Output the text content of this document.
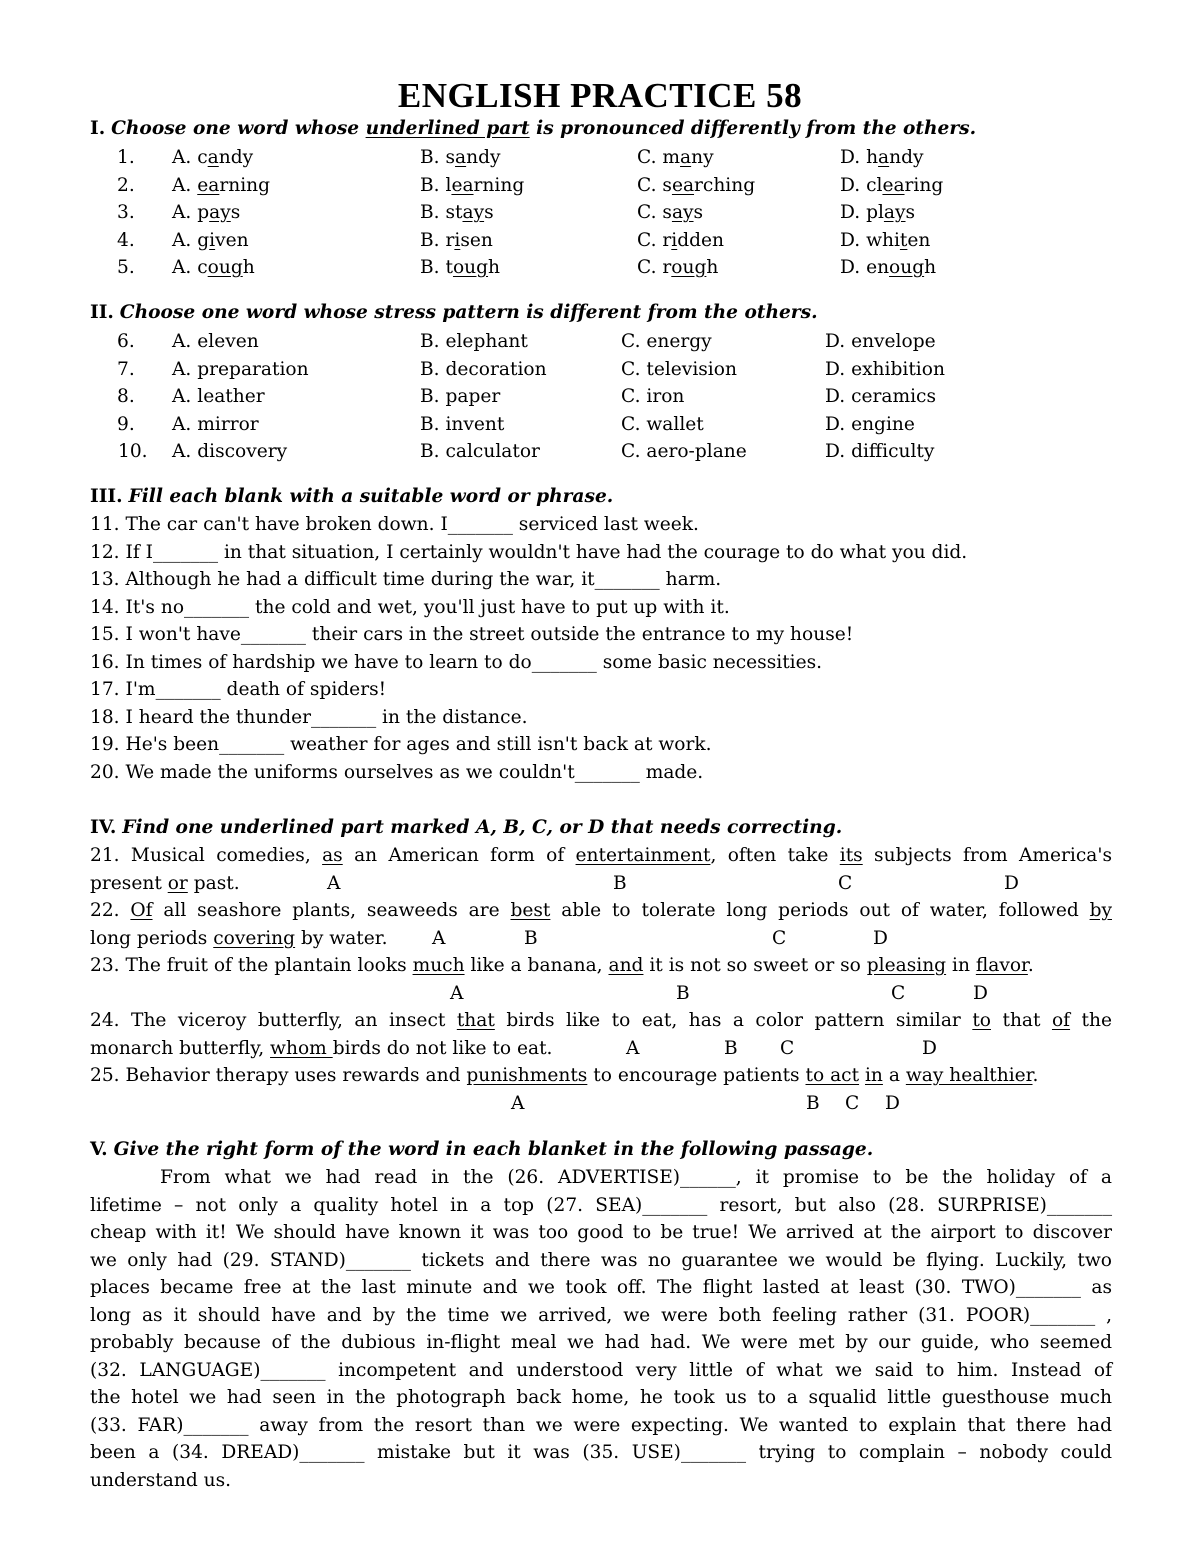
ENGLISH PRACTICE 58
I. Choose one word whose underlined part is pronounced differently from the others.
1. A. candy	B. sandy	C. many	D. handy
2. A. earning	B. learning	C. searching	D. clearing
3. A. pays	B. stays	C. says	D. plays
4. A. given	B. risen	C. ridden	D. whiten
5. A. cough	B. tough	C. rough	D. enough
II. Choose one word whose stress pattern is different from the others.
6. A. eleven	B. elephant	C. energy	D. envelope
7. A. preparation	B. decoration	C. television	D. exhibition
8. A. leather	B. paper	C. iron	D. ceramics
9. A. mirror	B. invent	C. wallet	D. engine
10. A. discovery	B. calculator	C. aero-plane	D. difficulty
III. Fill each blank with a suitable word or phrase.
11. The car can't have broken down. I_______ serviced last week.
12. If I_______ in that situation, I certainly wouldn't have had the courage to do what you did.
13. Although he had a difficult time during the war, it_______ harm.
14. It's no_______ the cold and wet, you'll just have to put up with it.
15. I won't have_______ their cars in the street outside the entrance to my house!
16. In times of hardship we have to learn to do_______ some basic necessities.
17. I'm_______ death of spiders!
18. I heard the thunder_______ in the distance.
19. He's been_______ weather for ages and still isn't back at work.
20. We made the uniforms ourselves as we couldn't_______ made.
IV. Find one underlined part marked A, B, C, or D that needs correcting.
21. Musical comedies, as an American form of entertainment, often take its subjects from America's
present or past.	A	B	C	D
22. Of all seashore plants, seaweeds are best able to tolerate long periods out of water, followed by
long periods covering by water. A	B	C	D
23. The fruit of the plantain looks much like a banana, and it is not so sweet or so pleasing in flavor.
A	B	C	D
24. The viceroy butterfly, an insect that birds like to eat, has a color pattern similar to that of the
monarch butterfly, whom birds do not like to eat.	A	B C	D
25. Behavior therapy uses rewards and punishments to encourage patients to act in a way healthier.
A	B C D
V. Give the right form of the word in each blanket in the following passage.
From what we had read in the (26. ADVERTISE)______, it promise to be the holiday of a
lifetime – not only a quality hotel in a top (27. SEA)_______ resort, but also (28. SURPRISE)_______
cheap with it! We should have known it was too good to be true! We arrived at the airport to discover
we only had (29. STAND)_______ tickets and there was no guarantee we would be flying. Luckily, two
places became free at the last minute and we took off. The flight lasted at least (30. TWO)_______ as
long as it should have and by the time we arrived, we were both feeling rather (31. POOR)_______ ,
probably because of the dubious in-flight meal we had had. We were met by our guide, who seemed
(32. LANGUAGE)_______ incompetent and understood very little of what we said to him. Instead of
the hotel we had seen in the photograph back home, he took us to a squalid little guesthouse much
(33. FAR)_______ away from the resort than we were expecting. We wanted to explain that there had
been a (34. DREAD)_______ mistake but it was (35. USE)_______ trying to complain – nobody could
understand us.
